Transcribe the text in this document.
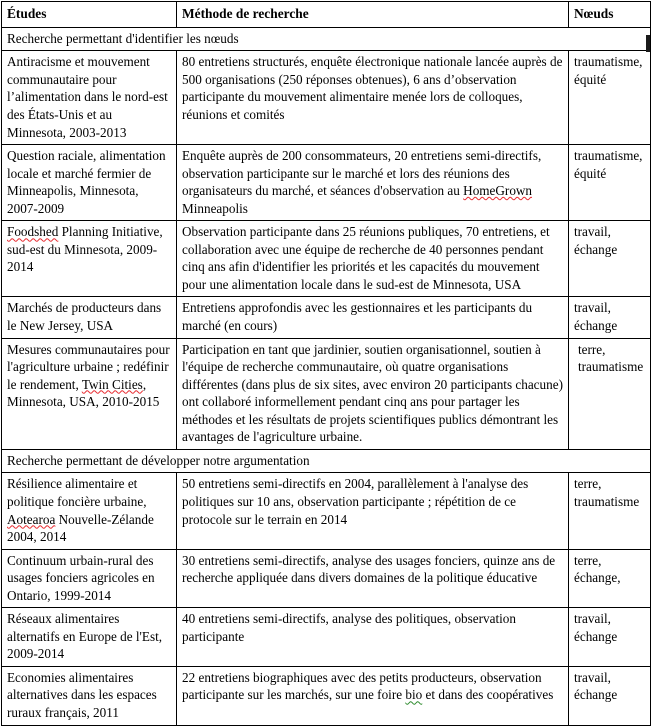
Études	Méthode de recherche	Nœuds
Recherche permettant d'identifier les nœuds		
Antiracisme et mouvement communautaire pour l’alimentation dans le nord-est des États-Unis et au Minnesota, 2003-2013	80 entretiens structurés, enquête électronique nationale lancée auprès de 500 organisations (250 réponses obtenues), 6 ans d’observation participante du mouvement alimentaire menée lors de colloques, réunions et comités	traumatisme, équité
Question raciale, alimentation locale et marché fermier de Minneapolis, Minnesota, 2007-2009	Enquête auprès de 200 consommateurs, 20 entretiens semi-directifs, observation participante sur le marché et lors des réunions des organisateurs du marché, et séances d'observation au HomeGrown Minneapolis	traumatisme, équité
Foodshed Planning Initiative, sud-est du Minnesota, 2009-2014	Observation participante dans 25 réunions publiques, 70 entretiens, et collaboration avec une équipe de recherche de 40 personnes pendant cinq ans afin d'identifier les priorités et les capacités du mouvement pour une alimentation locale dans le sud-est de Minnesota, USA	travail, échange
Marchés de producteurs dans le New Jersey, USA	Entretiens approfondis avec les gestionnaires et les participants du marché (en cours)	travail, échange
Mesures communautaires pour l'agriculture urbaine ; redéfinir le rendement, Twin Cities, Minnesota, USA, 2010-2015	Participation en tant que jardinier, soutien organisationnel, soutien à l'équipe de recherche communautaire, où quatre organisations différentes (dans plus de six sites, avec environ 20 participants chacune) ont collaboré informellement pendant cinq ans pour partager les méthodes et les résultats de projets scientifiques publics démontrant les avantages de l'agriculture urbaine.	terre, traumatisme
Recherche permettant de développer notre argumentation		
Résilience alimentaire et politique foncière urbaine, Aotearoa Nouvelle-Zélande 2004, 2014	50 entretiens semi-directifs en 2004, parallèlement à l'analyse des politiques sur 10 ans, observation participante ; répétition de ce protocole sur le terrain en 2014	terre, traumatisme
Continuum urbain-rural des usages fonciers agricoles en Ontario, 1999-2014	30 entretiens semi-directifs, analyse des usages fonciers, quinze ans de recherche appliquée dans divers domaines de la politique éducative	terre, échange,
Réseaux alimentaires alternatifs en Europe de l'Est, 2009-2014	40 entretiens semi-directifs, analyse des politiques, observation participante	travail, échange
Economies alimentaires alternatives dans les espaces ruraux français, 2011	22 entretiens biographiques avec des petits producteurs, observation participante sur les marchés, sur une foire bio et dans des coopératives	travail, échange
